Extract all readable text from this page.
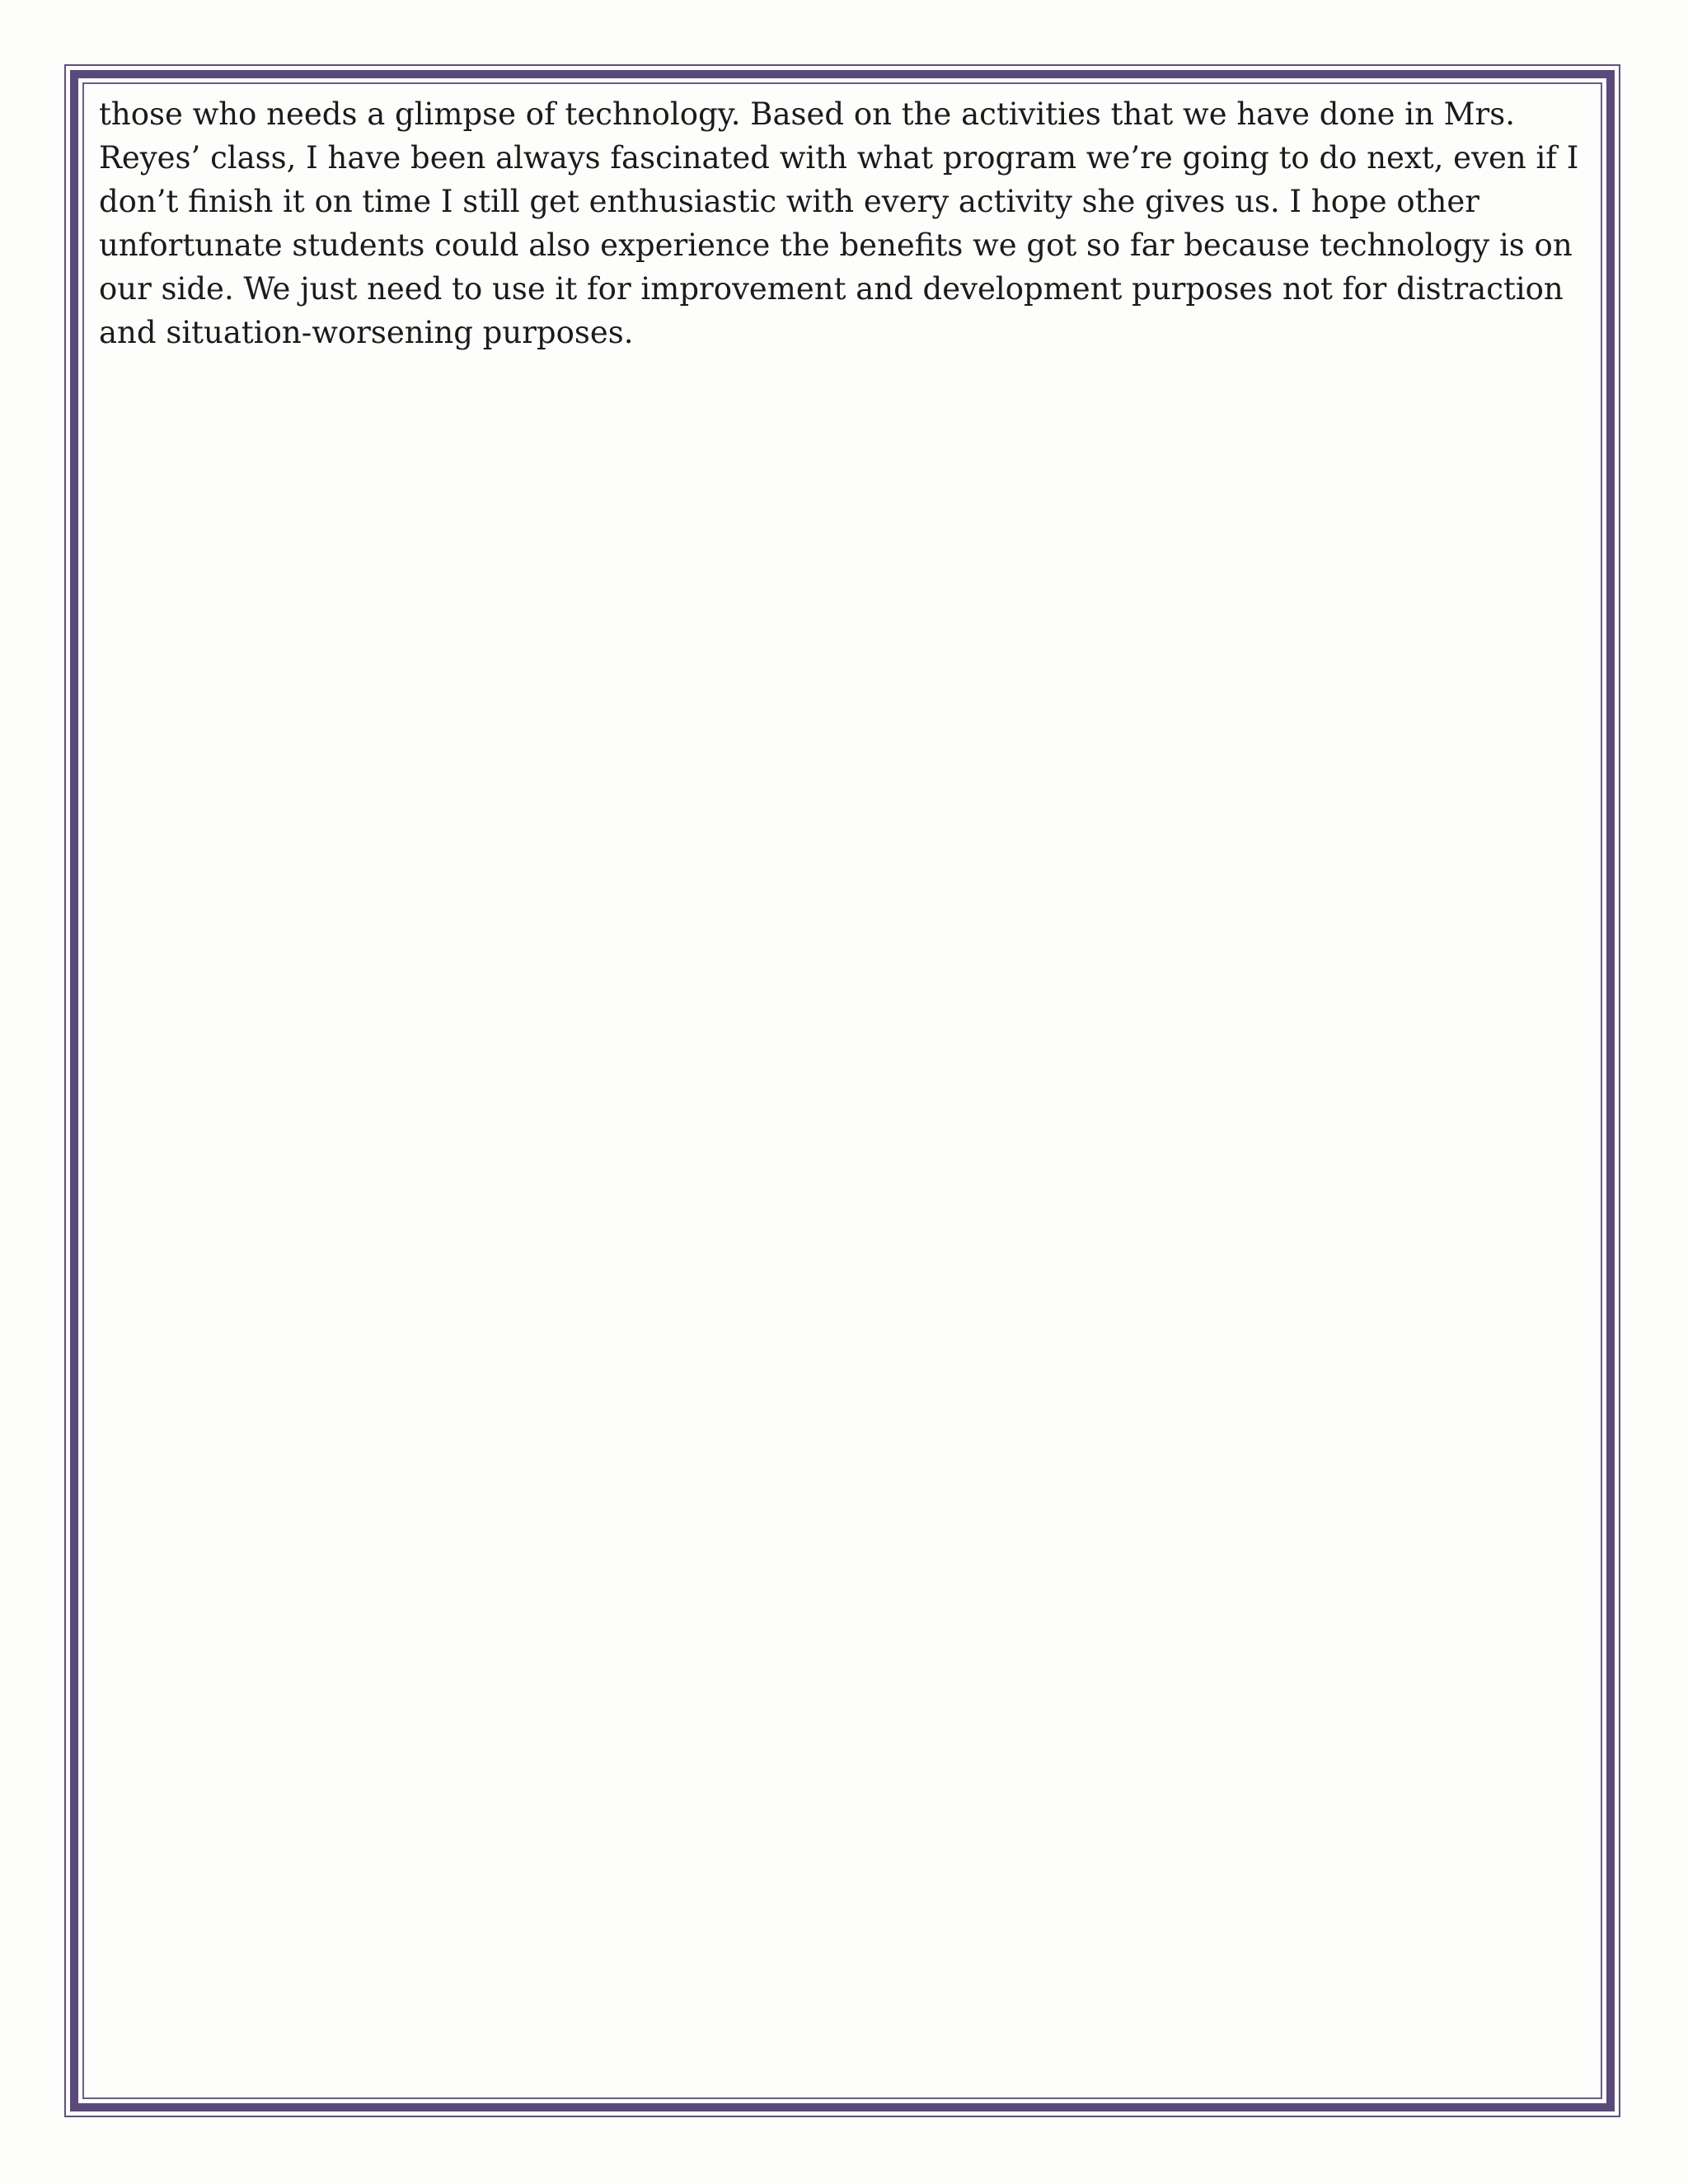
those who needs a glimpse of technology. Based on the activities that we have done in Mrs.
Reyes’ class, I have been always fascinated with what program we’re going to do next, even if I
don’t finish it on time I still get enthusiastic with every activity she gives us. I hope other
unfortunate students could also experience the benefits we got so far because technology is on
our side. We just need to use it for improvement and development purposes not for distraction
and situation-worsening purposes.
